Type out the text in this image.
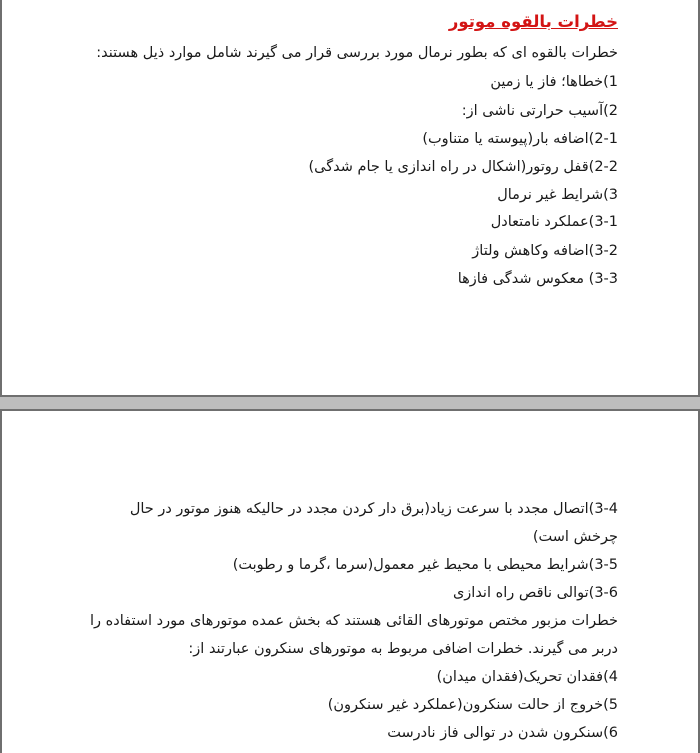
خطرات بالقوه موتور
خطرات بالقوه ای که بطور نرمال مورد بررسی قرار می گیرند شامل موارد ذیل هستند:
1)خطاها؛ فاز یا زمین
2)آسیب حرارتی ناشی از:
2-1)اضافه بار(پیوسته یا متناوب)
2-2)قفل روتور(اشکال در راه اندازی یا جام شدگی)
3)شرایط غیر نرمال
3-1)عملکرد نامتعادل
3-2)اضافه وکاهش ولتاژ
3-3) معکوس شدگی فازها
3-4)اتصال مجدد با سرعت زیاد(برق دار کردن مجدد در حالیکه هنوز موتور در حال
چرخش است)
3-5)شرایط محیطی با محیط غیر معمول(سرما ،گرما و رطوبت)
3-6)توالی ناقص راه اندازی
خطرات مزبور مختص موتورهای القائی هستند که بخش عمده موتورهای مورد استفاده را
دربر می گیرند. خطرات اضافی مربوط به موتورهای سنکرون عبارتند از:
4)فقدان تحریک(فقدان میدان)
5)خروج از حالت سنکرون(عملکرد غیر سنکرون)
6)سنکرون شدن در توالی فاز نادرست
